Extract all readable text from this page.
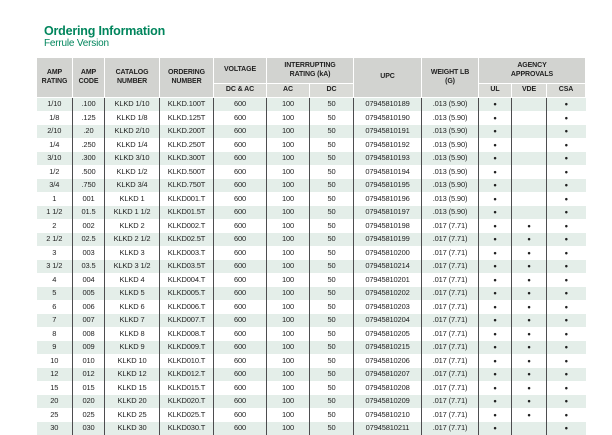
Ordering Information
Ferrule Version
AMP RATING	AMP CODE	CATALOG NUMBER	ORDERING NUMBER	VOLTAGE	INTERRUPTING RATING (kA)		UPC	WEIGHT LB (G)	AGENCY APPROVALS		
				DC & AC	AC	DC			UL	VDE	CSA
1/10	.100	KLKD 1/10	KLKD.100T	600	100	50	07945810189	.013 (5.90)	•		•
1/8	.125	KLKD 1/8	KLKD.125T	600	100	50	07945810190	.013 (5.90)	•		•
2/10	.20	KLKD 2/10	KLKD.200T	600	100	50	07945810191	.013 (5.90)	•		•
1/4	.250	KLKD 1/4	KLKD.250T	600	100	50	07945810192	.013 (5.90)	•		•
3/10	.300	KLKD 3/10	KLKD.300T	600	100	50	07945810193	.013 (5.90)	•		•
1/2	.500	KLKD 1/2	KLKD.500T	600	100	50	07945810194	.013 (5.90)	•		•
3/4	.750	KLKD 3/4	KLKD.750T	600	100	50	07945810195	.013 (5.90)	•		•
1	001	KLKD 1	KLKD001.T	600	100	50	07945810196	.013 (5.90)	•		•
1 1/2	01.5	KLKD 1 1/2	KLKD01.5T	600	100	50	07945810197	.013 (5.90)	•		•
2	002	KLKD 2	KLKD002.T	600	100	50	07945810198	.017 (7.71)	•	•	•
2 1/2	02.5	KLKD 2 1/2	KLKD02.5T	600	100	50	07945810199	.017 (7.71)	•	•	•
3	003	KLKD 3	KLKD003.T	600	100	50	07945810200	.017 (7.71)	•	•	•
3 1/2	03.5	KLKD 3 1/2	KLKD03.5T	600	100	50	07945810214	.017 (7.71)	•	•	•
4	004	KLKD 4	KLKD004.T	600	100	50	07945810201	.017 (7.71)	•	•	•
5	005	KLKD 5	KLKD005.T	600	100	50	07945810202	.017 (7.71)	•	•	•
6	006	KLKD 6	KLKD006.T	600	100	50	07945810203	.017 (7.71)	•	•	•
7	007	KLKD 7	KLKD007.T	600	100	50	07945810204	.017 (7.71)	•	•	•
8	008	KLKD 8	KLKD008.T	600	100	50	07945810205	.017 (7.71)	•	•	•
9	009	KLKD 9	KLKD009.T	600	100	50	07945810215	.017 (7.71)	•	•	•
10	010	KLKD 10	KLKD010.T	600	100	50	07945810206	.017 (7.71)	•	•	•
12	012	KLKD 12	KLKD012.T	600	100	50	07945810207	.017 (7.71)	•	•	•
15	015	KLKD 15	KLKD015.T	600	100	50	07945810208	.017 (7.71)	•	•	•
20	020	KLKD 20	KLKD020.T	600	100	50	07945810209	.017 (7.71)	•	•	•
25	025	KLKD 25	KLKD025.T	600	100	50	07945810210	.017 (7.71)	•	•	•
30	030	KLKD 30	KLKD030.T	600	100	50	07945810211	.017 (7.71)	•		•
